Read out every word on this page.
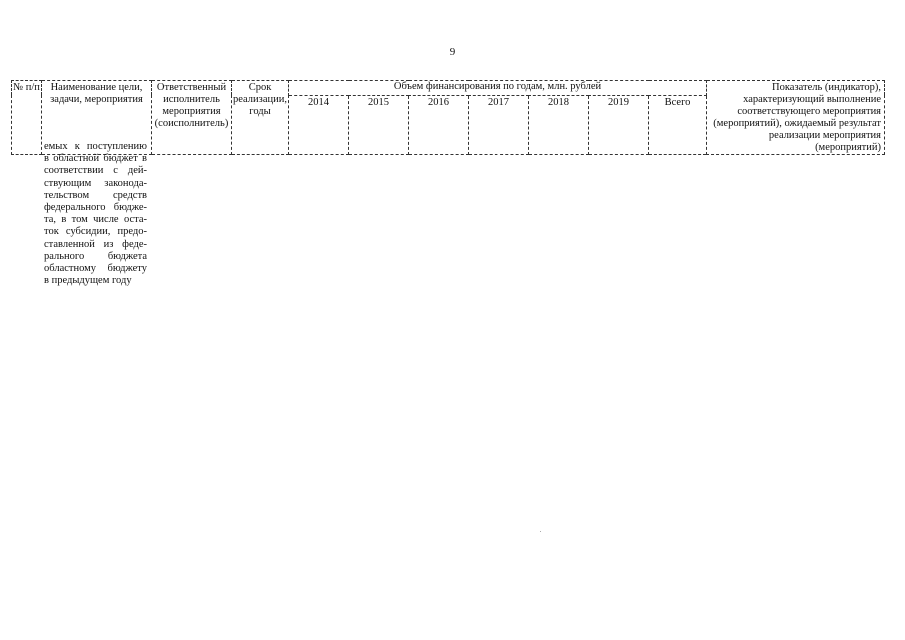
9
№ п/п	Наименование цели, задачи, мероприятия	Ответственный исполнитель мероприятия (соисполнитель)	Срок реализации, годы	Объем финансирования по годам, млн. рублей							Показатель (индикатор), характеризующий выполнение соответствующего мероприятия (мероприятий), ожидаемый результат реализации мероприятия (мероприятий)
				2014	2015	2016	2017	2018	2019	Всего	
емых к поступлению
в областной бюджет в
соответствии с дей-
ствующим законода-
тельством средств
федерального бюдже-
та, в том числе оста-
ток субсидии, предо-
ставленной из феде-
рального бюджета
областному бюджету
в предыдущем году
